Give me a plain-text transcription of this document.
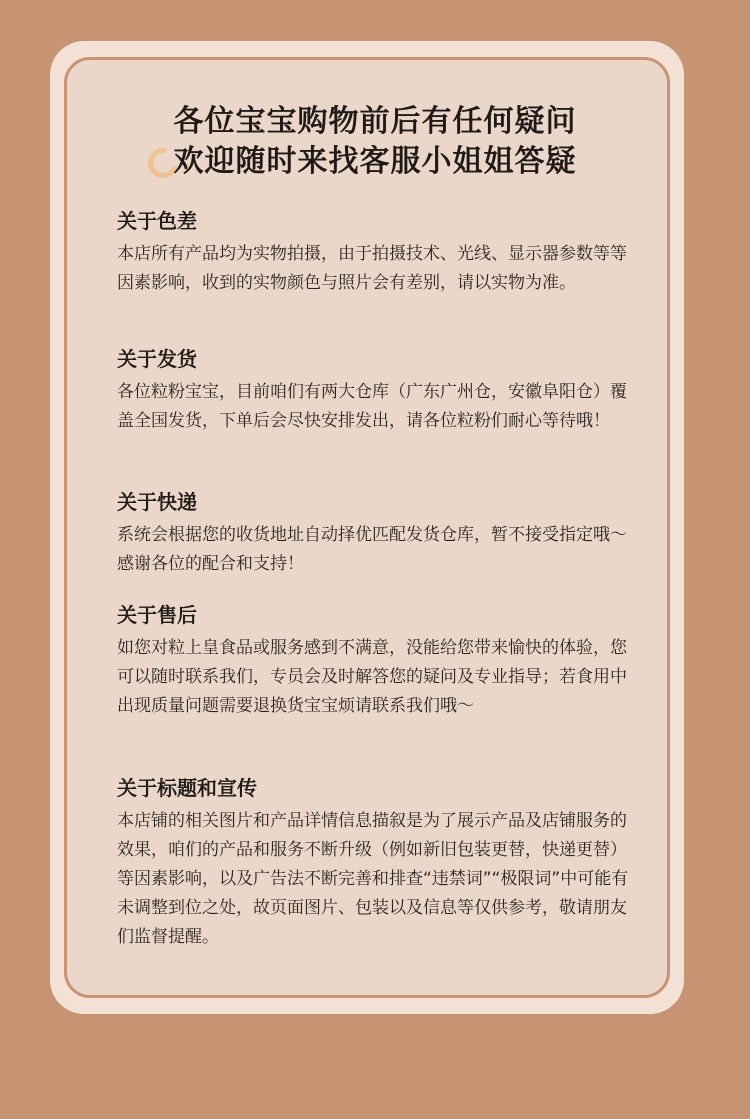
各位宝宝购物前后有任何疑问
欢迎随时来找客服小姐姐答疑

关于色差

本店所有产品均为实物拍摄，由于拍摄技术、光线、显示器参数等等因素影响，收到的实物颜色与照片会有差别，请以实物为准。

关于发货

各位粒粉宝宝，目前咱们有两大仓库（广东广州仓，安徽阜阳仓）覆盖全国发货，下单后会尽快安排发出，请各位粒粉们耐心等待哦！

关于快递

系统会根据您的收货地址自动择优匹配发货仓库，暂不接受指定哦～感谢各位的配合和支持！

关于售后

如您对粒上皇食品或服务感到不满意，没能给您带来愉快的体验，您可以随时联系我们，专员会及时解答您的疑问及专业指导；若食用中出现质量问题需要退换货宝宝烦请联系我们哦～

关于标题和宣传

本店铺的相关图片和产品详情信息描叙是为了展示产品及店铺服务的效果，咱们的产品和服务不断升级（例如新旧包装更替，快递更替）等因素影响，以及广告法不断完善和排查“违禁词”“极限词”中可能有未调整到位之处，故页面图片、包装以及信息等仅供参考，敬请朋友们监督提醒。
